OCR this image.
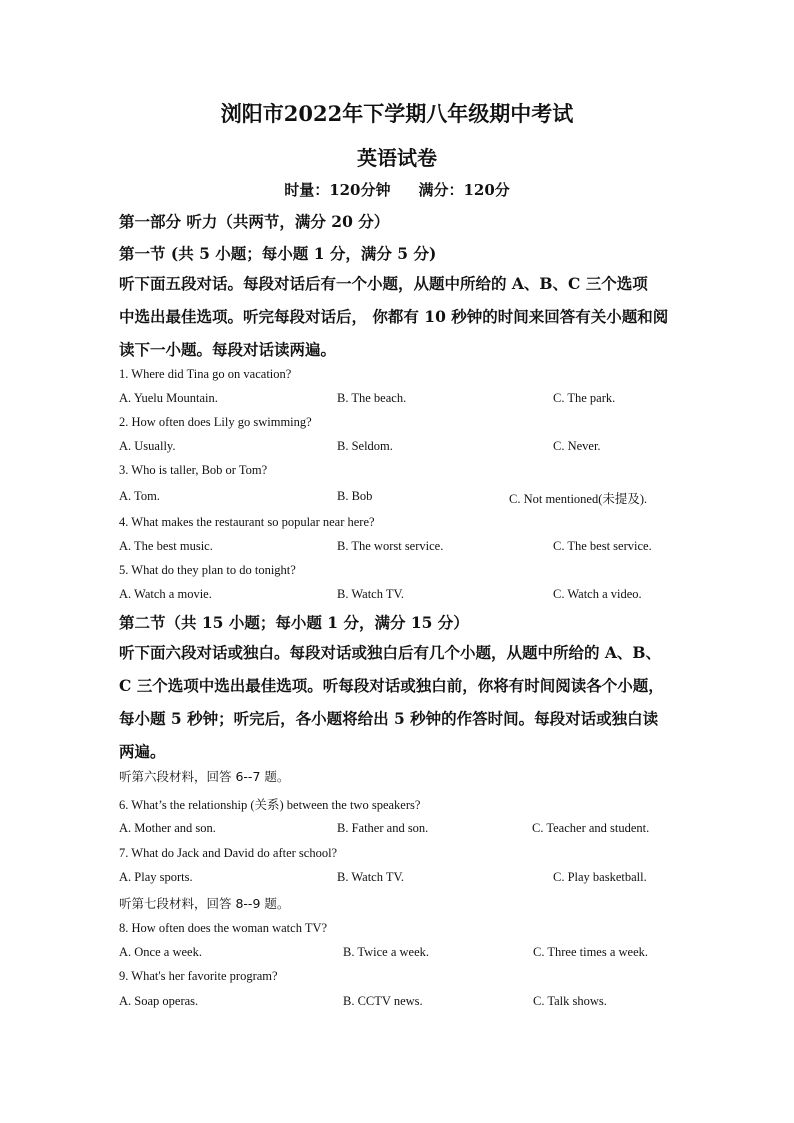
浏阳市2022年下学期八年级期中考试
英语试卷
时量：120分钟 满分：120分
第一部分 听力（共两节，满分 20 分）
第一节 (共 5 小题；每小题 1 分，满分 5 分)
听下面五段对话。每段对话后有一个小题，从题中所给的 A、B、C 三个选项
中选出最佳选项。听完每段对话后， 你都有 10 秒钟的时间来回答有关小题和阅
读下一小题。每段对话读两遍。
1. Where did Tina go on vacation?
A. Yuelu Mountain.	B. The beach.	C. The park.
2. How often does Lily go swimming?
A. Usually.	B. Seldom.	C. Never.
3. Who is taller, Bob or Tom?
A. Tom.	B. Bob	C. Not mentioned(未提及).
4. What makes the restaurant so popular near here?
A. The best music.	B. The worst service.	C. The best service.
5. What do they plan to do tonight?
A. Watch a movie.	B. Watch TV.	C. Watch a video.
第二节（共 15 小题；每小题 1 分，满分 15 分）
听下面六段对话或独白。每段对话或独白后有几个小题，从题中所给的 A、B、
C 三个选项中选出最佳选项。听每段对话或独白前，你将有时间阅读各个小题，
每小题 5 秒钟；听完后，各小题将给出 5 秒钟的作答时间。每段对话或独白读
两遍。
听第六段材料，回答 6--7 题。
6. What’s the relationship (关系) between the two speakers?
A. Mother and son.	B. Father and son.	C. Teacher and student.
7. What do Jack and David do after school?
A. Play sports.	B. Watch TV.	C. Play basketball.
听第七段材料，回答 8--9 题。
8. How often does the woman watch TV?
A. Once a week.	B. Twice a week.	C. Three times a week.
9. What's her favorite program?
A. Soap operas.	B. CCTV news.	C. Talk shows.
